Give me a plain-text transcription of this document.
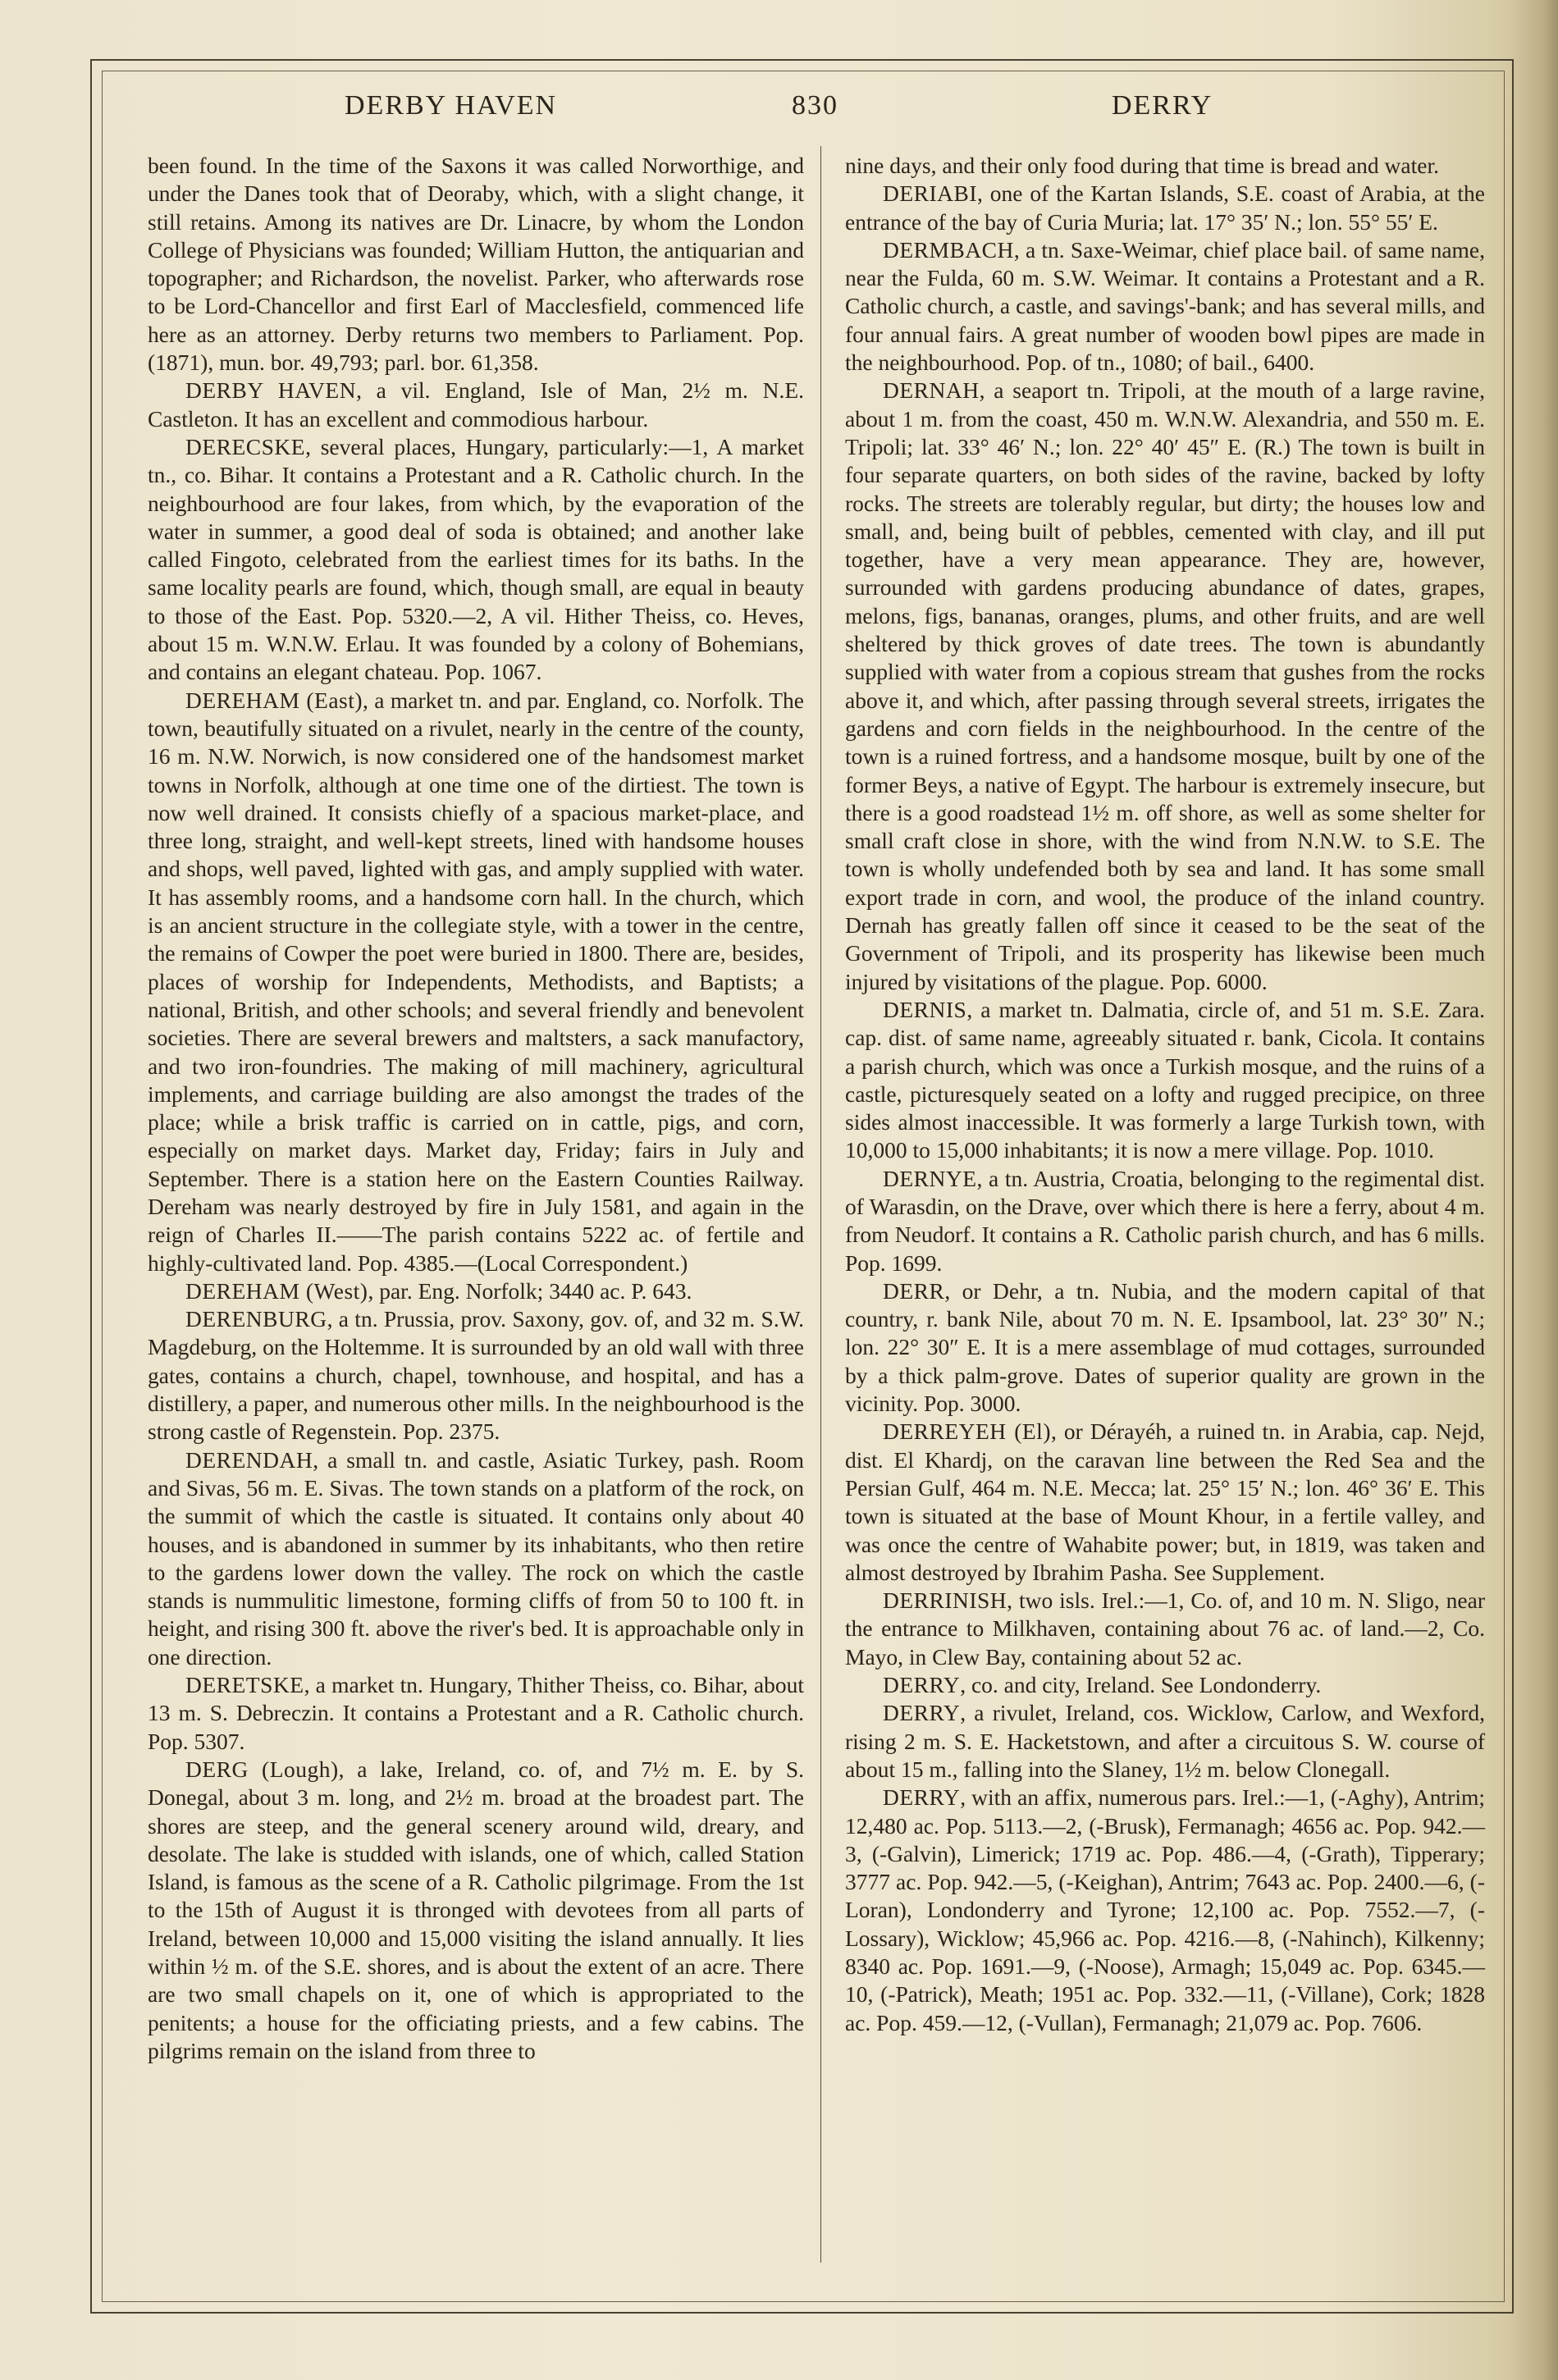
DERBY HAVEN	830	DERRY

been found. In the time of the Saxons it was called Norworthige, and under the Danes took that of Deoraby, which, with a slight change, it still retains. Among its natives are Dr. Linacre, by whom the London College of Physicians was founded; William Hutton, the antiquarian and topographer; and Richardson, the novelist. Parker, who afterwards rose to be Lord-Chancellor and first Earl of Macclesfield, commenced life here as an attorney. Derby returns two members to Parliament. Pop. (1871), mun. bor. 49,793; parl. bor. 61,358.

DERBY HAVEN, a vil. England, Isle of Man, 2½ m. N.E. Castleton. It has an excellent and commodious harbour.

DERECSKE, several places, Hungary, particularly:—1, A market tn., co. Bihar. It contains a Protestant and a R. Catholic church. In the neighbourhood are four lakes, from which, by the evaporation of the water in summer, a good deal of soda is obtained; and another lake called Fingoto, celebrated from the earliest times for its baths. In the same locality pearls are found, which, though small, are equal in beauty to those of the East. Pop. 5320.—2, A vil. Hither Theiss, co. Heves, about 15 m. W.N.W. Erlau. It was founded by a colony of Bohemians, and contains an elegant chateau. Pop. 1067.

DEREHAM (East), a market tn. and par. England, co. Norfolk. The town, beautifully situated on a rivulet, nearly in the centre of the county, 16 m. N.W. Norwich, is now considered one of the handsomest market towns in Norfolk, although at one time one of the dirtiest. The town is now well drained. It consists chiefly of a spacious market-place, and three long, straight, and well-kept streets, lined with handsome houses and shops, well paved, lighted with gas, and amply supplied with water. It has assembly rooms, and a handsome corn hall. In the church, which is an ancient structure in the collegiate style, with a tower in the centre, the remains of Cowper the poet were buried in 1800. There are, besides, places of worship for Independents, Methodists, and Baptists; a national, British, and other schools; and several friendly and benevolent societies. There are several brewers and maltsters, a sack manufactory, and two iron-foundries. The making of mill machinery, agricultural implements, and carriage building are also amongst the trades of the place; while a brisk traffic is carried on in cattle, pigs, and corn, especially on market days. Market day, Friday; fairs in July and September. There is a station here on the Eastern Counties Railway. Dereham was nearly destroyed by fire in July 1581, and again in the reign of Charles II.——The parish contains 5222 ac. of fertile and highly-cultivated land. Pop. 4385.—(Local Correspondent.)

DEREHAM (West), par. Eng. Norfolk; 3440 ac. P. 643.

DERENBURG, a tn. Prussia, prov. Saxony, gov. of, and 32 m. S.W. Magdeburg, on the Holtemme. It is surrounded by an old wall with three gates, contains a church, chapel, townhouse, and hospital, and has a distillery, a paper, and numerous other mills. In the neighbourhood is the strong castle of Regenstein. Pop. 2375.

DERENDAH, a small tn. and castle, Asiatic Turkey, pash. Room and Sivas, 56 m. E. Sivas. The town stands on a platform of the rock, on the summit of which the castle is situated. It contains only about 40 houses, and is abandoned in summer by its inhabitants, who then retire to the gardens lower down the valley. The rock on which the castle stands is nummulitic limestone, forming cliffs of from 50 to 100 ft. in height, and rising 300 ft. above the river's bed. It is approachable only in one direction.

DERETSKE, a market tn. Hungary, Thither Theiss, co. Bihar, about 13 m. S. Debreczin. It contains a Protestant and a R. Catholic church. Pop. 5307.

DERG (Lough), a lake, Ireland, co. of, and 7½ m. E. by S. Donegal, about 3 m. long, and 2½ m. broad at the broadest part. The shores are steep, and the general scenery around wild, dreary, and desolate. The lake is studded with islands, one of which, called Station Island, is famous as the scene of a R. Catholic pilgrimage. From the 1st to the 15th of August it is thronged with devotees from all parts of Ireland, between 10,000 and 15,000 visiting the island annually. It lies within ½ m. of the S.E. shores, and is about the extent of an acre. There are two small chapels on it, one of which is appropriated to the penitents; a house for the officiating priests, and a few cabins. The pilgrims remain on the island from three to

nine days, and their only food during that time is bread and water.

DERIABI, one of the Kartan Islands, S.E. coast of Arabia, at the entrance of the bay of Curia Muria; lat. 17° 35′ N.; lon. 55° 55′ E.

DERMBACH, a tn. Saxe-Weimar, chief place bail. of same name, near the Fulda, 60 m. S.W. Weimar. It contains a Protestant and a R. Catholic church, a castle, and savings'-bank; and has several mills, and four annual fairs. A great number of wooden bowl pipes are made in the neighbourhood. Pop. of tn., 1080; of bail., 6400.

DERNAH, a seaport tn. Tripoli, at the mouth of a large ravine, about 1 m. from the coast, 450 m. W.N.W. Alexandria, and 550 m. E. Tripoli; lat. 33° 46′ N.; lon. 22° 40′ 45″ E. (R.) The town is built in four separate quarters, on both sides of the ravine, backed by lofty rocks. The streets are tolerably regular, but dirty; the houses low and small, and, being built of pebbles, cemented with clay, and ill put together, have a very mean appearance. They are, however, surrounded with gardens producing abundance of dates, grapes, melons, figs, bananas, oranges, plums, and other fruits, and are well sheltered by thick groves of date trees. The town is abundantly supplied with water from a copious stream that gushes from the rocks above it, and which, after passing through several streets, irrigates the gardens and corn fields in the neighbourhood. In the centre of the town is a ruined fortress, and a handsome mosque, built by one of the former Beys, a native of Egypt. The harbour is extremely insecure, but there is a good roadstead 1½ m. off shore, as well as some shelter for small craft close in shore, with the wind from N.N.W. to S.E. The town is wholly undefended both by sea and land. It has some small export trade in corn, and wool, the produce of the inland country. Dernah has greatly fallen off since it ceased to be the seat of the Government of Tripoli, and its prosperity has likewise been much injured by visitations of the plague. Pop. 6000.

DERNIS, a market tn. Dalmatia, circle of, and 51 m. S.E. Zara. cap. dist. of same name, agreeably situated r. bank, Cicola. It contains a parish church, which was once a Turkish mosque, and the ruins of a castle, picturesquely seated on a lofty and rugged precipice, on three sides almost inaccessible. It was formerly a large Turkish town, with 10,000 to 15,000 inhabitants; it is now a mere village. Pop. 1010.

DERNYE, a tn. Austria, Croatia, belonging to the regimental dist. of Warasdin, on the Drave, over which there is here a ferry, about 4 m. from Neudorf. It contains a R. Catholic parish church, and has 6 mills. Pop. 1699.

DERR, or Dehr, a tn. Nubia, and the modern capital of that country, r. bank Nile, about 70 m. N. E. Ipsambool, lat. 23° 30″ N.; lon. 22° 30″ E. It is a mere assemblage of mud cottages, surrounded by a thick palm-grove. Dates of superior quality are grown in the vicinity. Pop. 3000.

DERREYEH (El), or Dérayéh, a ruined tn. in Arabia, cap. Nejd, dist. El Khardj, on the caravan line between the Red Sea and the Persian Gulf, 464 m. N.E. Mecca; lat. 25° 15′ N.; lon. 46° 36′ E. This town is situated at the base of Mount Khour, in a fertile valley, and was once the centre of Wahabite power; but, in 1819, was taken and almost destroyed by Ibrahim Pasha. See Supplement.

DERRINISH, two isls. Irel.:—1, Co. of, and 10 m. N. Sligo, near the entrance to Milkhaven, containing about 76 ac. of land.—2, Co. Mayo, in Clew Bay, containing about 52 ac.

DERRY, co. and city, Ireland. See Londonderry.

DERRY, a rivulet, Ireland, cos. Wicklow, Carlow, and Wexford, rising 2 m. S. E. Hacketstown, and after a circuitous S. W. course of about 15 m., falling into the Slaney, 1½ m. below Clonegall.

DERRY, with an affix, numerous pars. Irel.:—1, (-Aghy), Antrim; 12,480 ac. Pop. 5113.—2, (-Brusk), Fermanagh; 4656 ac. Pop. 942.—3, (-Galvin), Limerick; 1719 ac. Pop. 486.—4, (-Grath), Tipperary; 3777 ac. Pop. 942.—5, (-Keighan), Antrim; 7643 ac. Pop. 2400.—6, (-Loran), Londonderry and Tyrone; 12,100 ac. Pop. 7552.—7, (-Lossary), Wicklow; 45,966 ac. Pop. 4216.—8, (-Nahinch), Kilkenny; 8340 ac. Pop. 1691.—9, (-Noose), Armagh; 15,049 ac. Pop. 6345.—10, (-Patrick), Meath; 1951 ac. Pop. 332.—11, (-Villane), Cork; 1828 ac. Pop. 459.—12, (-Vullan), Fermanagh; 21,079 ac. Pop. 7606.
